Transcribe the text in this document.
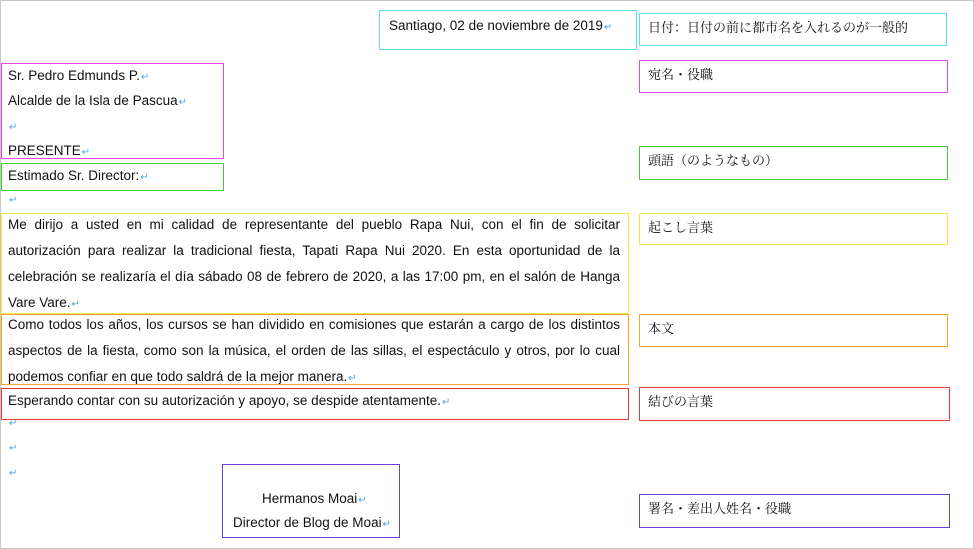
Santiago, 02 de noviembre de 2019↵
Sr. Pedro Edmunds P.↵
Alcalde de la Isla de Pascua↵
↵
PRESENTE↵
Estimado Sr. Director:↵
↵
Me dirijo a usted en mi calidad de representante del pueblo Rapa Nui, con el fin de solicitar autorización para realizar la tradicional fiesta, Tapati Rapa Nui 2020. En esta oportunidad de la celebración se realizaría el día sábado 08 de febrero de 2020, a las 17:00 pm, en el salón de Hanga Vare Vare.↵
Como todos los años, los cursos se han dividido en comisiones que estarán a cargo de los distintos aspectos de la fiesta, como son la música, el orden de las sillas, el espectáculo y otros, por lo cual podemos confiar en que todo saldrá de la mejor manera.↵
Esperando contar con su autorización y apoyo, se despide atentamente.↵
↵
↵
↵
Hermanos Moai↵
Director de Blog de Moai↵
日付：日付の前に都市名を入れるのが一般的
宛名・役職
頭語（のようなもの）
起こし言葉
本文
結びの言葉
署名・差出人姓名・役職
